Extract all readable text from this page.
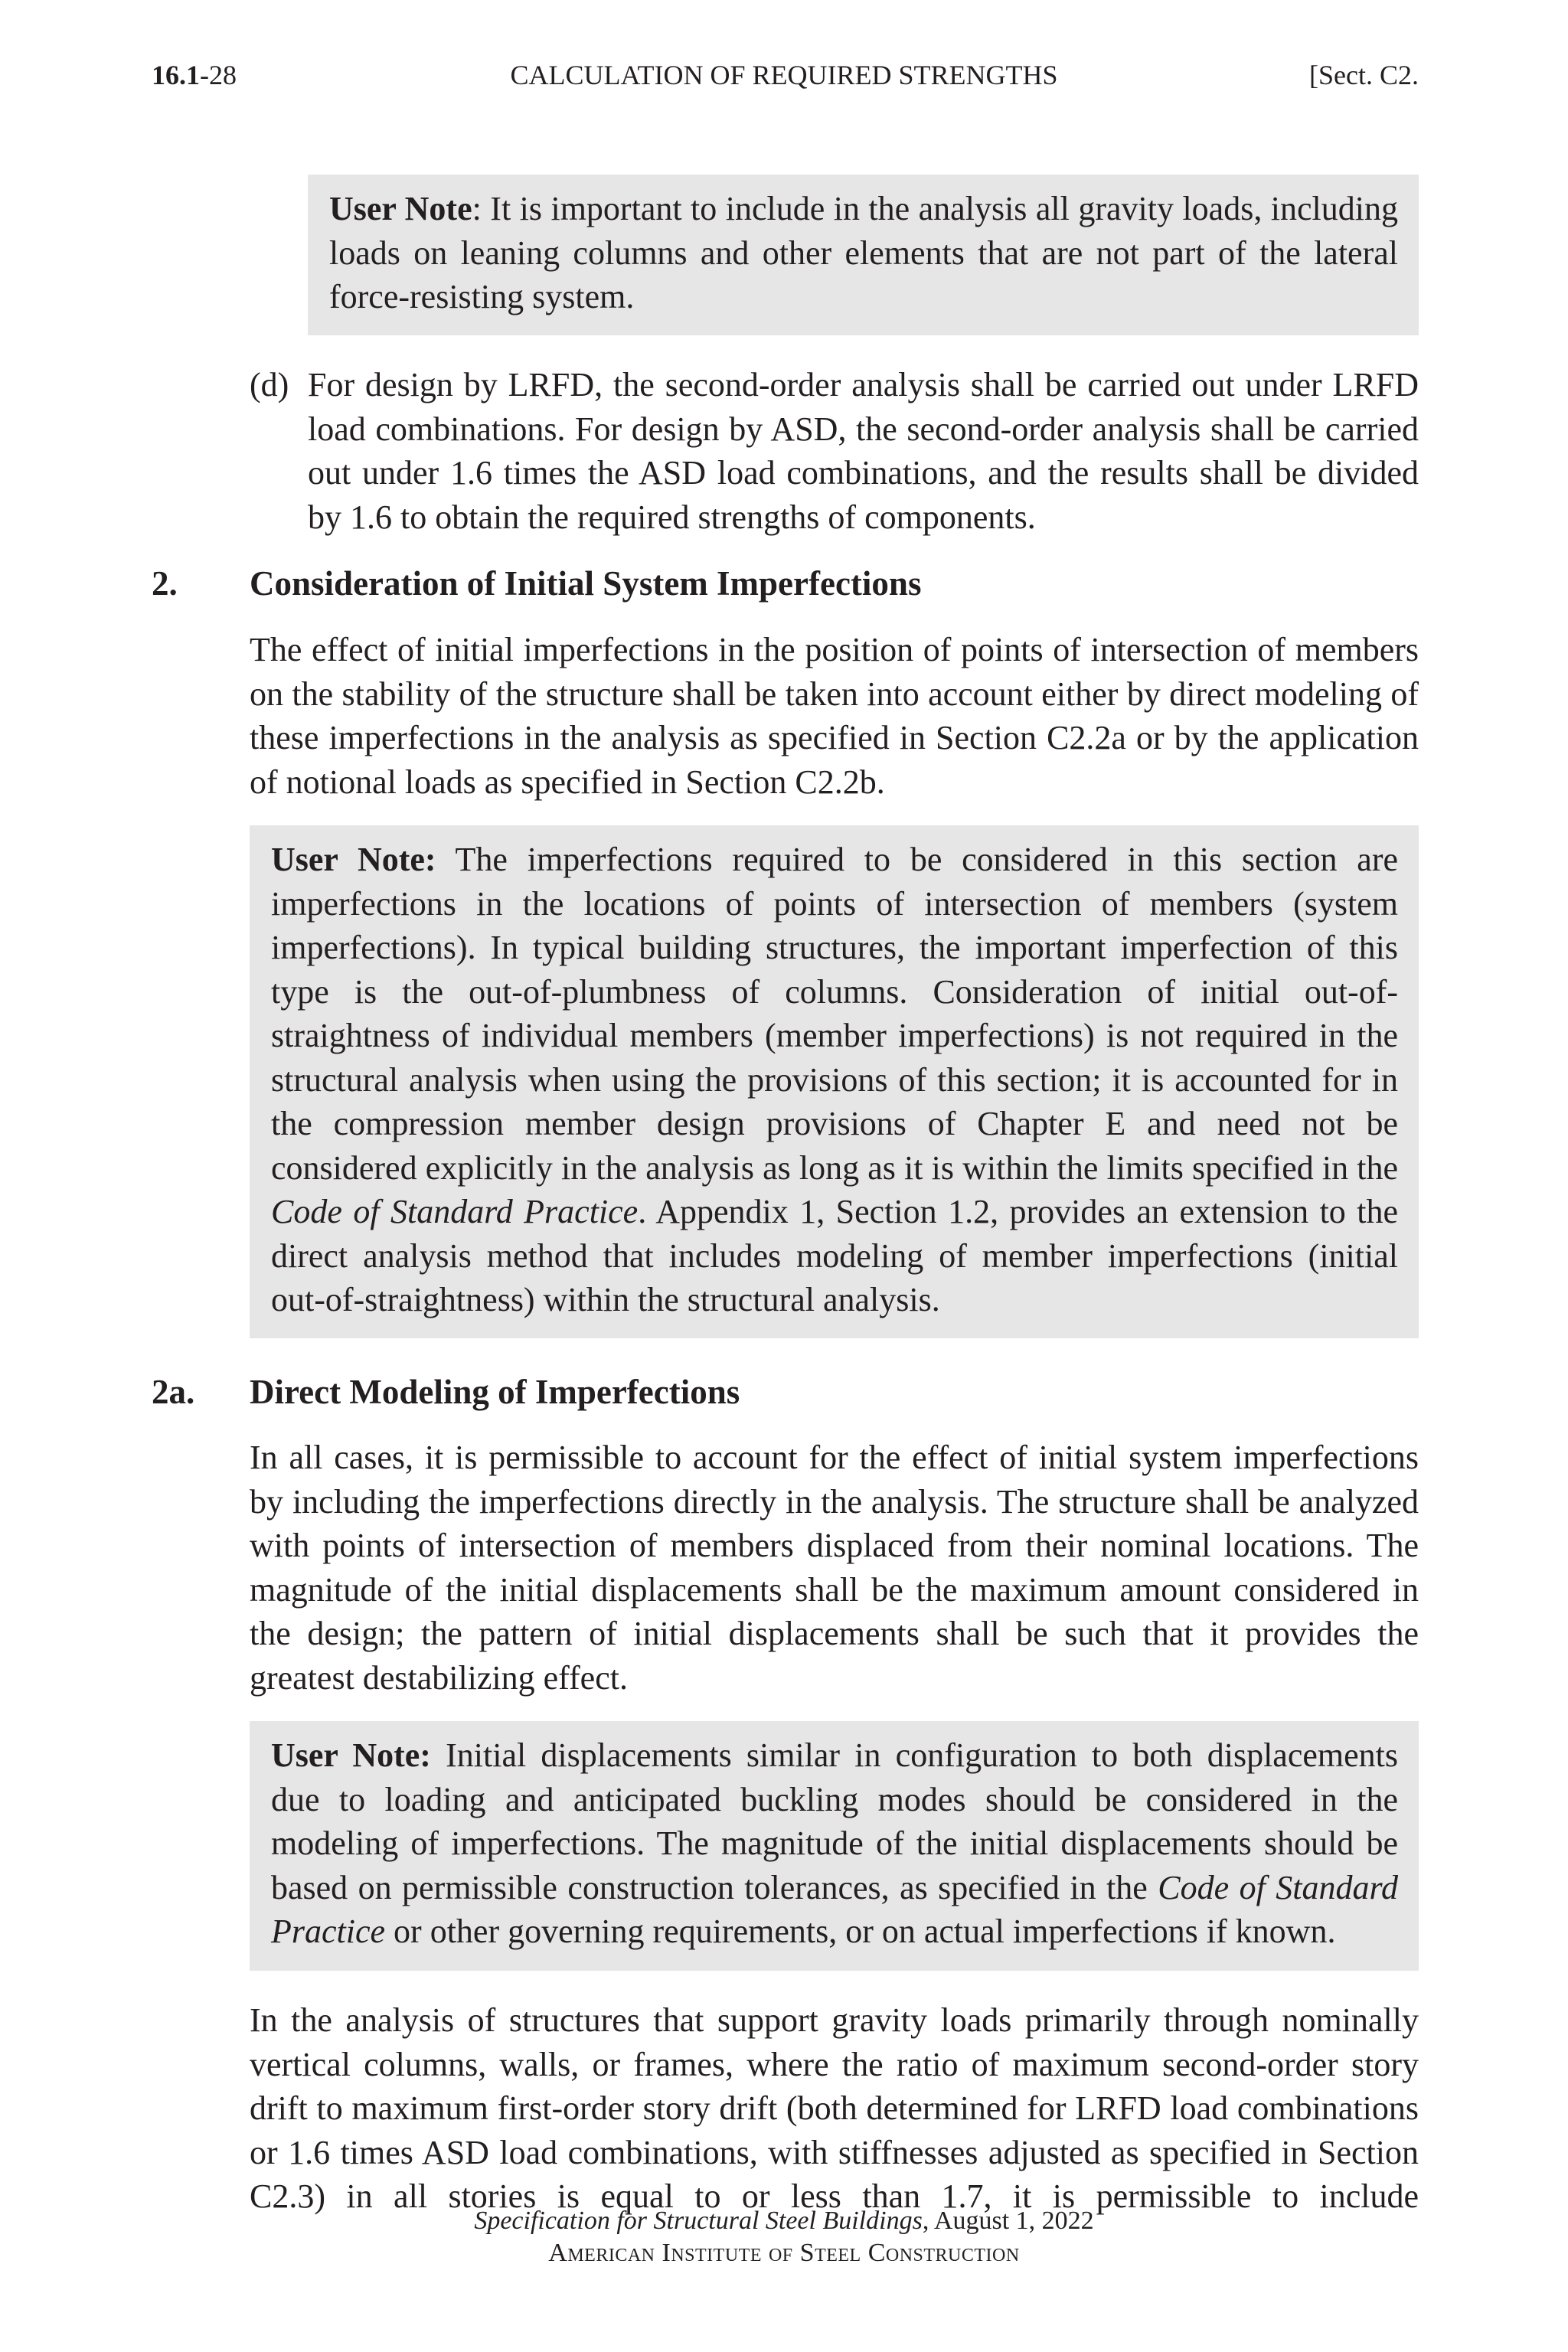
16.1-28	CALCULATION OF REQUIRED STRENGTHS	[Sect. C2.
User Note: It is important to include in the analysis all gravity loads, including loads on leaning columns and other elements that are not part of the lateral force-resisting system.
(d) For design by LRFD, the second-order analysis shall be carried out under LRFD load combinations. For design by ASD, the second-order analysis shall be carried out under 1.6 times the ASD load combinations, and the results shall be divided by 1.6 to obtain the required strengths of components.
2. Consideration of Initial System Imperfections
The effect of initial imperfections in the position of points of intersection of members on the stability of the structure shall be taken into account either by direct modeling of these imperfections in the analysis as specified in Section C2.2a or by the application of notional loads as specified in Section C2.2b.
User Note: The imperfections required to be considered in this section are imperfections in the locations of points of intersection of members (system imperfections). In typical building structures, the important imperfection of this type is the out-of-plumbness of columns. Consideration of initial out-of-straightness of individual members (member imperfections) is not required in the structural analysis when using the provisions of this section; it is accounted for in the compression member design provisions of Chapter E and need not be considered explicitly in the analysis as long as it is within the limits specified in the Code of Standard Practice. Appendix 1, Section 1.2, provides an extension to the direct analysis method that includes modeling of member imperfections (initial out-of-straightness) within the structural analysis.
2a. Direct Modeling of Imperfections
In all cases, it is permissible to account for the effect of initial system imperfections by including the imperfections directly in the analysis. The structure shall be analyzed with points of intersection of members displaced from their nominal locations. The magnitude of the initial displacements shall be the maximum amount considered in the design; the pattern of initial displacements shall be such that it provides the greatest destabilizing effect.
User Note: Initial displacements similar in configuration to both displacements due to loading and anticipated buckling modes should be considered in the modeling of imperfections. The magnitude of the initial displacements should be based on permissible construction tolerances, as specified in the Code of Standard Practice or other governing requirements, or on actual imperfections if known.
In the analysis of structures that support gravity loads primarily through nominally vertical columns, walls, or frames, where the ratio of maximum second-order story drift to maximum first-order story drift (both determined for LRFD load combinations or 1.6 times ASD load combinations, with stiffnesses adjusted as specified in Section C2.3) in all stories is equal to or less than 1.7, it is permissible to include
Specification for Structural Steel Buildings, August 1, 2022
American Institute of Steel Construction
